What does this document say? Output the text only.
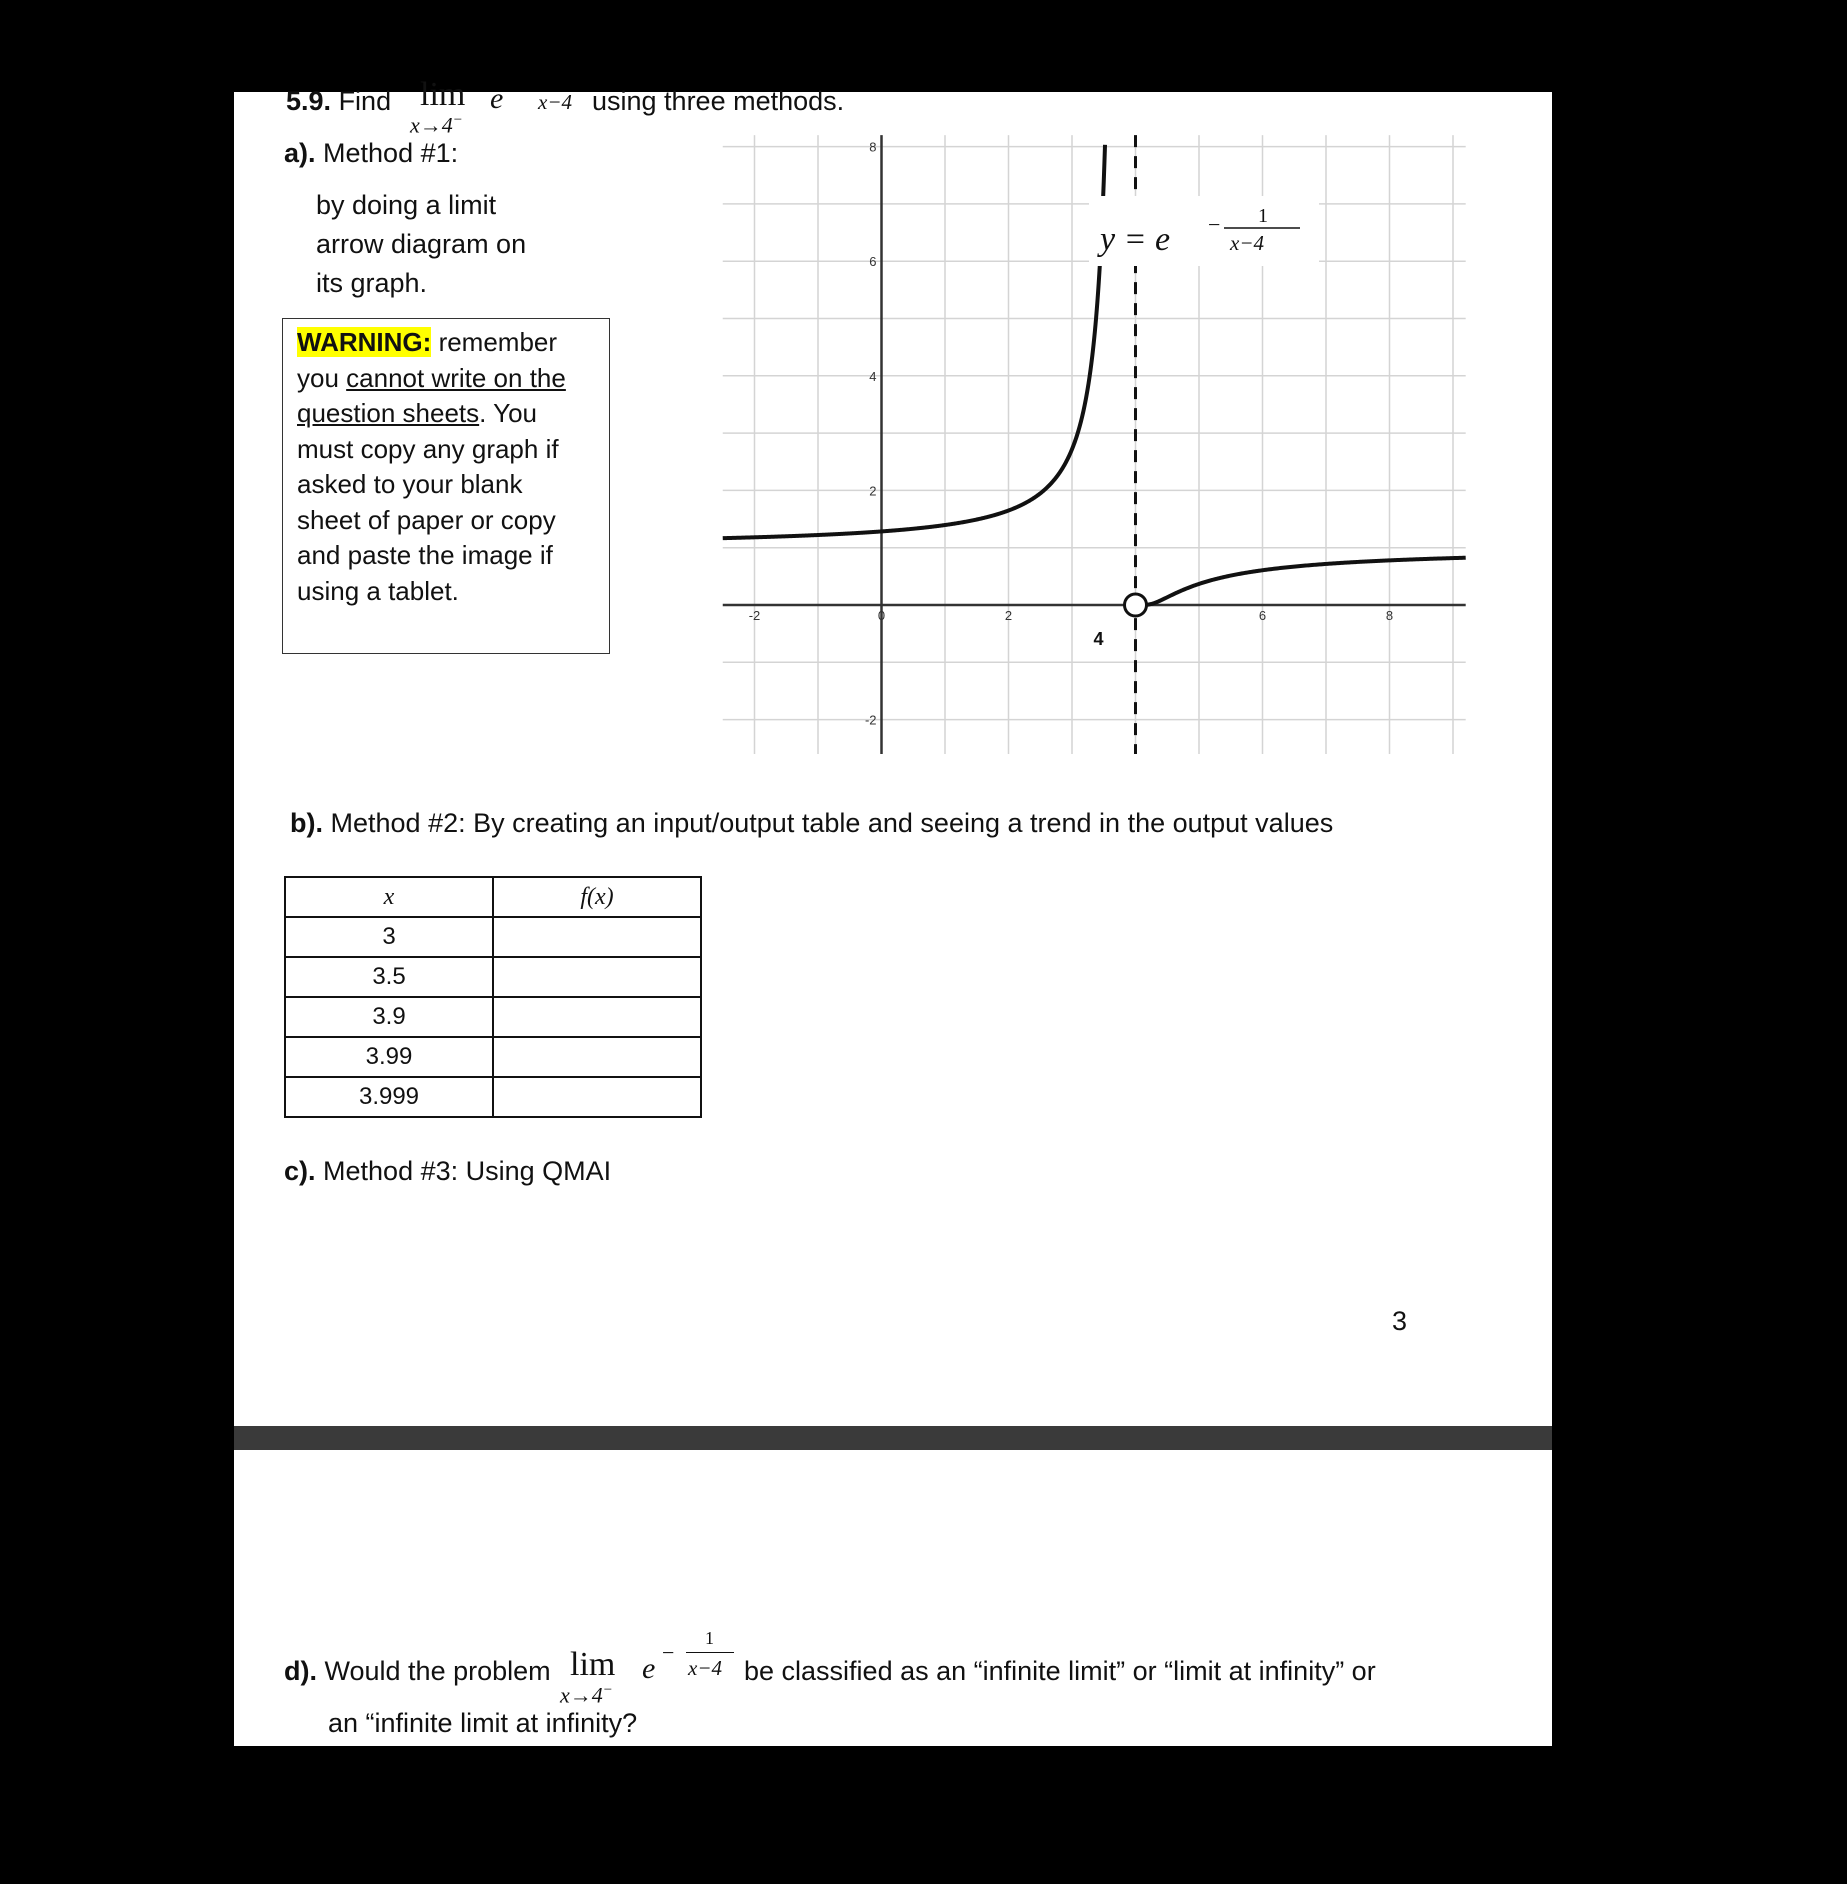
5.9. Find lim
x→4−
e x−4 using three methods.
a). Method #1:
by doing a limit
arrow diagram on
its graph.
WARNING: remember
you cannot write on the
question sheets. You
must copy any graph if
asked to your blank
sheet of paper or copy
and paste the image if
using a tablet.
-2	0	2	6	8
8
6
4
2
-2
4
y = e − 1
x−4
b). Method #2: By creating an input/output table and seeing a trend in the output values
x	f(x)
3	
3.5	
3.9	
3.99	
3.999	
c). Method #3: Using QMAI
3
d). Would the problem lim
x→4−
e −
1
x−4 be classified as an “infinite limit” or “limit at infinity” or
an “infinite limit at infinity?
